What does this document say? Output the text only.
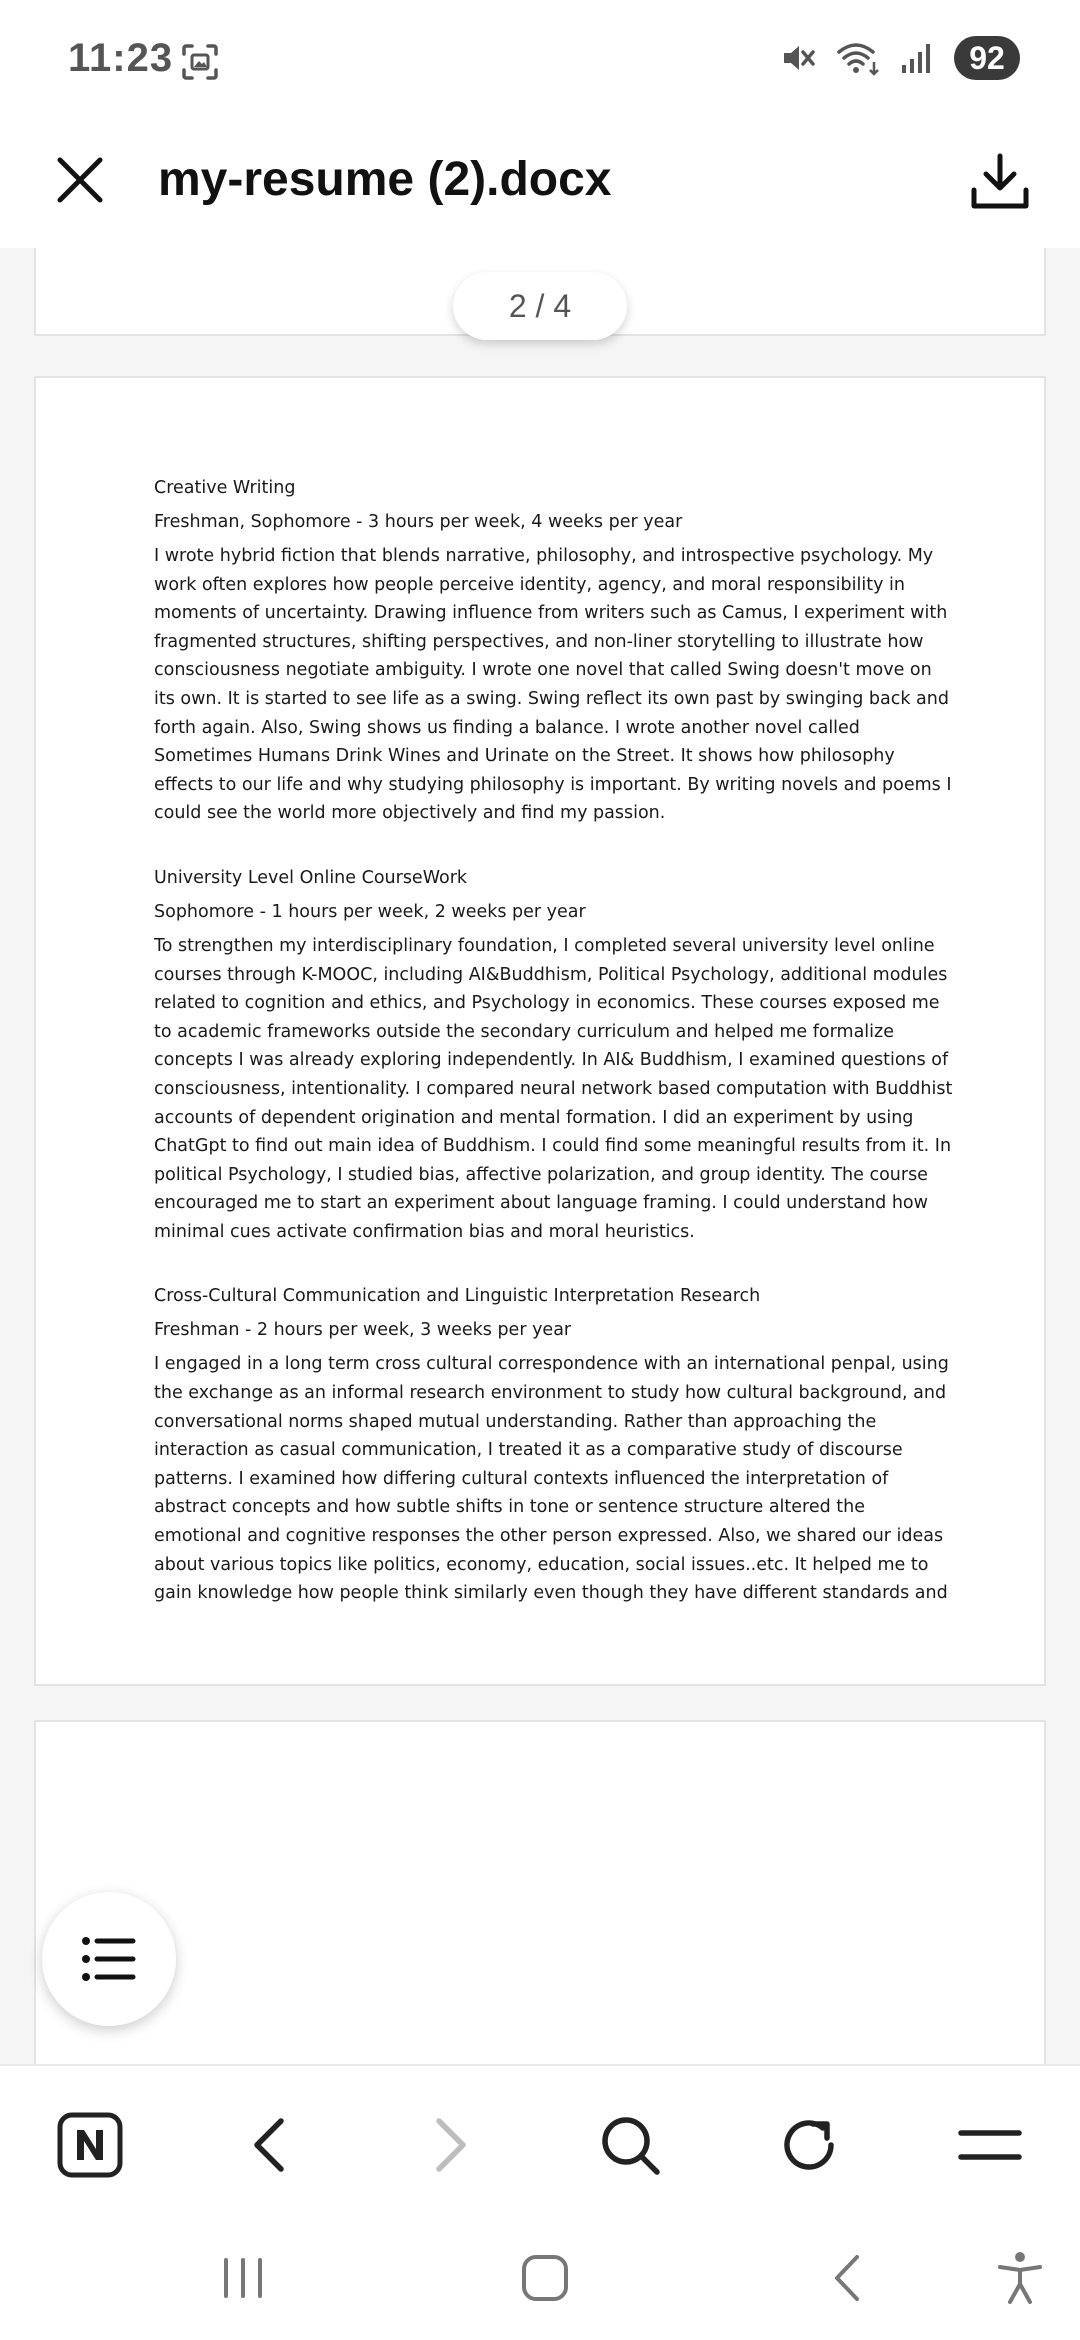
11:23	92
my-resume (2).docx
2 / 4
Creative Writing
Freshman, Sophomore - 3 hours per week, 4 weeks per year
I wrote hybrid fiction that blends narrative, philosophy, and introspective psychology. My work often explores how people perceive identity, agency, and moral responsibility in moments of uncertainty. Drawing influence from writers such as Camus, I experiment with fragmented structures, shifting perspectives, and non-liner storytelling to illustrate how consciousness negotiate ambiguity. I wrote one novel that called Swing doesn't move on its own. It is started to see life as a swing. Swing reflect its own past by swinging back and forth again. Also, Swing shows us finding a balance. I wrote another novel called Sometimes Humans Drink Wines and Urinate on the Street. It shows how philosophy effects to our life and why studying philosophy is important. By writing novels and poems I could see the world more objectively and find my passion.
University Level Online CourseWork
Sophomore - 1 hours per week, 2 weeks per year
To strengthen my interdisciplinary foundation, I completed several university level online courses through K-MOOC, including AI&Buddhism, Political Psychology, additional modules related to cognition and ethics, and Psychology in economics. These courses exposed me to academic frameworks outside the secondary curriculum and helped me formalize concepts I was already exploring independently. In AI& Buddhism, I examined questions of consciousness, intentionality. I compared neural network based computation with Buddhist accounts of dependent origination and mental formation. I did an experiment by using ChatGpt to find out main idea of Buddhism. I could find some meaningful results from it. In political Psychology, I studied bias, affective polarization, and group identity. The course encouraged me to start an experiment about language framing. I could understand how minimal cues activate confirmation bias and moral heuristics.
Cross-Cultural Communication and Linguistic Interpretation Research
Freshman - 2 hours per week, 3 weeks per year
I engaged in a long term cross cultural correspondence with an international penpal, using the exchange as an informal research environment to study how cultural background, and conversational norms shaped mutual understanding. Rather than approaching the interaction as casual communication, I treated it as a comparative study of discourse patterns. I examined how differing cultural contexts influenced the interpretation of abstract concepts and how subtle shifts in tone or sentence structure altered the emotional and cognitive responses the other person expressed. Also, we shared our ideas about various topics like politics, economy, education, social issues..etc. It helped me to gain knowledge how people think similarly even though they have different standards and
